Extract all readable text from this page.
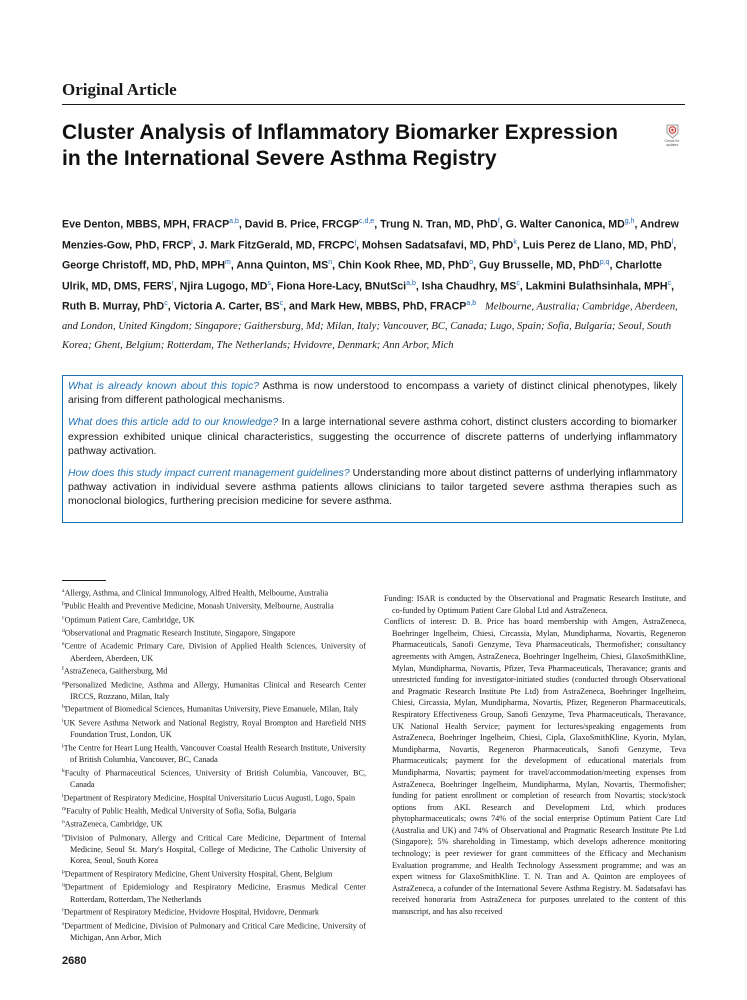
Original Article
Cluster Analysis of Inflammatory Biomarker Expression in the International Severe Asthma Registry
Check for updates

Eve Denton, MBBS, MPH, FRACP$^{a,b}$, David B. Price, FRCGP$^{c,d,e}$, Trung N. Tran, MD, PhD$^f$, G. Walter Canonica, MD$^{g,h}$, Andrew Menzies-Gow, PhD, FRCP$^i$, J. Mark FitzGerald, MD, FRCPC$^j$, Mohsen Sadatsafavi, MD, PhD$^k$, Luis Perez de Llano, MD, PhD$^l$, George Christoff, MD, PhD, MPH$^m$, Anna Quinton, $MS^n$, Chin Kook Rhee, MD, PhD$^o$, Guy Brusselle, MD, PhD$^{p,q}$, Charlotte Ulrik, MD, DMS, FERS$^r$, Njira Lugogo, $MD^s$, Fiona Hore-Lacy, BNutSci$^{a,b}$, Isha Chaudhry, $MS^c$, Lakmini Bulathsinhala, MPH$^c$, Ruth B. Murray, PhD$^c$, Victoria A. Carter, $BS^c$, and Mark Hew, MBBS, PhD, FRACP$^{a,b}$ Melbourne, Australia; Cambridge, Aberdeen, and London, United Kingdom; Singapore; Gaithersburg, Md; Milan, Italy; Vancouver, BC, Canada; Lugo, Spain; Sofia, Bulgaria; Seoul, South Korea; Ghent, Belgium; Rotterdam, The Netherlands; Hvidovre, Denmark; Ann Arbor, Mich

What is already known about this topic? Asthma is now understood to encompass a variety of distinct clinical phenotypes, likely arising from different pathological mechanisms.

What does this article add to our knowledge? In a large international severe asthma cohort, distinct clusters according to biomarker expression exhibited unique clinical characteristics, suggesting the occurrence of discrete patterns of underlying inflammatory pathway activation.

How does this study impact current management guidelines? Understanding more about distinct patterns of underlying inflammatory pathway activation in individual severe asthma patients allows clinicians to tailor targeted severe asthma therapies such as monoclonal biologics, furthering precision medicine for severe asthma.

$^a$Allergy, Asthma, and Clinical Immunology, Alfred Health, Melbourne, Australia

$^b$Public Health and Preventive Medicine, Monash University, Melbourne, Australia

$^c$Optimum Patient Care, Cambridge, UK

$^d$Observational and Pragmatic Research Institute, Singapore, Singapore

$^e$Centre of Academic Primary Care, Division of Applied Health Sciences, University of Aberdeen, Aberdeen, UK

$^f$AstraZeneca, Gaithersburg, Md

$^g$Personalized Medicine, Asthma and Allergy, Humanitas Clinical and Research Center IRCCS, Rozzano, Milan, Italy

$^h$Department of Biomedical Sciences, Humanitas University, Pieve Emanuele, Milan, Italy

$^i$UK Severe Asthma Network and National Registry, Royal Brompton and Harefield NHS Foundation Trust, London, UK

$^j$The Centre for Heart Lung Health, Vancouver Coastal Health Research Institute, University of British Columbia, Vancouver, BC, Canada

$^k$Faculty of Pharmaceutical Sciences, University of British Columbia, Vancouver, BC, Canada

$^l$Department of Respiratory Medicine, Hospital Universitario Lucus Augusti, Lugo, Spain

$^m$Faculty of Public Health, Medical University of Sofia, Sofia, Bulgaria

$^n$AstraZeneca, Cambridge, UK

$^o$Division of Pulmonary, Allergy and Critical Care Medicine, Department of Internal Medicine, Seoul St. Mary's Hospital, College of Medicine, The Catholic University of Korea, Seoul, South Korea

$^p$Department of Respiratory Medicine, Ghent University Hospital, Ghent, Belgium

$^q$Department of Epidemiology and Respiratory Medicine, Erasmus Medical Center Rotterdam, Rotterdam, The Netherlands

$^r$Department of Respiratory Medicine, Hvidovre Hospital, Hvidovre, Denmark

$^s$Department of Medicine, Division of Pulmonary and Critical Care Medicine, University of Michigan, Ann Arbor, Mich

Funding: ISAR is conducted by the Observational and Pragmatic Research Institute, and co-funded by Optimum Patient Care Global Ltd and AstraZeneca.

Conflicts of interest: D. B. Price has board membership with Amgen, AstraZeneca, Boehringer Ingelheim, Chiesi, Circassia, Mylan, Mundipharma, Novartis, Regeneron Pharmaceuticals, Sanofi Genzyme, Teva Pharmaceuticals, Thermofisher; consultancy agreements with Amgen, AstraZeneca, Boehringer Ingelheim, Chiesi, GlaxoSmithKline, Mylan, Mundipharma, Novartis, Pfizer, Teva Pharmaceuticals, Theravance; grants and unrestricted funding for investigator-initiated studies (conducted through Observational and Pragmatic Research Institute Pte Ltd) from AstraZeneca, Boehringer Ingelheim, Chiesi, Circassia, Mylan, Mundipharma, Novartis, Pfizer, Regeneron Pharmaceuticals, Respiratory Effectiveness Group, Sanofi Genzyme, Teva Pharmaceuticals, Theravance, UK National Health Service; payment for lectures/speaking engagements from AstraZeneca, Boehringer Ingelheim, Chiesi, Cipla, GlaxoSmithKline, Kyorin, Mylan, Mundipharma, Novartis, Regeneron Pharmaceuticals, Sanofi Genzyme, Teva Pharmaceuticals; payment for the development of educational materials from Mundipharma, Novartis; payment for travel/accommodation/meeting expenses from AstraZeneca, Boehringer Ingelheim, Mundipharma, Mylan, Novartis, Thermofisher; funding for patient enrollment or completion of research from Novartis; stock/stock options from AKL Research and Development Ltd, which produces phytopharmaceuticals; owns 74% of the social enterprise Optimum Patient Care Ltd (Australia and UK) and 74% of Observational and Pragmatic Research Institute Pte Ltd (Singapore); 5% shareholding in Timestamp, which develops adherence monitoring technology; is peer reviewer for grant committees of the Efficacy and Mechanism Evaluation programme, and Health Technology Assessment programme; and was an expert witness for GlaxoSmithKline. T. N. Tran and A. Quinton are employees of AstraZeneca, a cofunder of the International Severe Asthma Registry. M. Sadatsafavi has received honoraria from AstraZeneca for purposes unrelated to the content of this manuscript, and has also received

2680
